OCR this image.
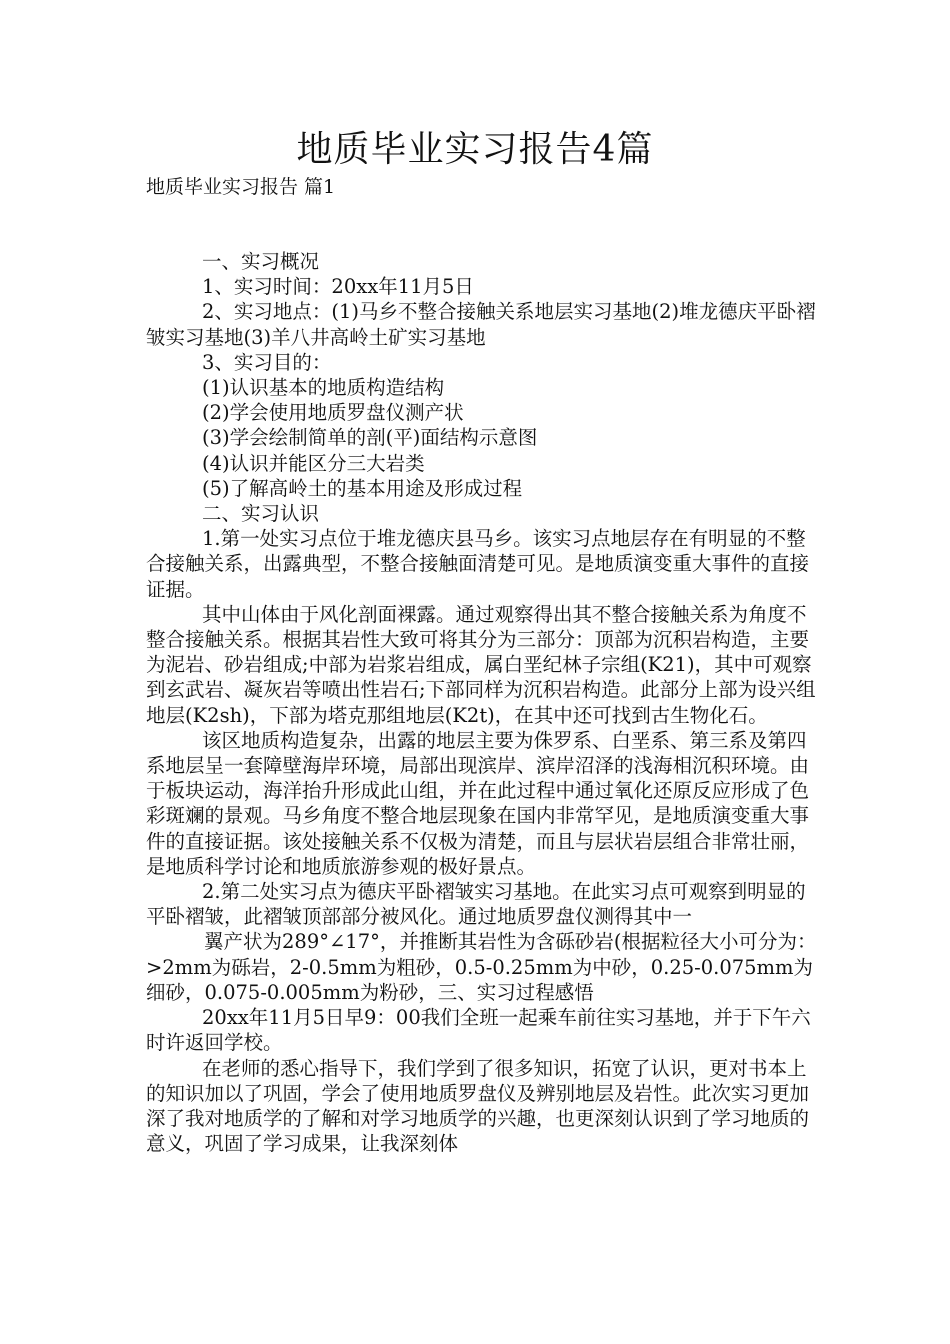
地质毕业实习报告4篇
地质毕业实习报告 篇1

一、实习概况

1、实习时间：20xx年11月5日

2、实习地点：(1)马乡不整合接触关系地层实习基地(2)堆龙德庆平卧褶皱实习基地(3)羊八井高岭土矿实习基地

3、实习目的：

(1)认识基本的地质构造结构

(2)学会使用地质罗盘仪测产状

(3)学会绘制简单的剖(平)面结构示意图

(4)认识并能区分三大岩类

(5)了解高岭土的基本用途及形成过程

二、实习认识

1.第一处实习点位于堆龙德庆县马乡。该实习点地层存在有明显的不整合接触关系，出露典型，不整合接触面清楚可见。是地质演变重大事件的直接证据。

其中山体由于风化剖面裸露。通过观察得出其不整合接触关系为角度不整合接触关系。根据其岩性大致可将其分为三部分：顶部为沉积岩构造，主要为泥岩、砂岩组成;中部为岩浆岩组成，属白垩纪林子宗组(K21)，其中可观察到玄武岩、凝灰岩等喷出性岩石;下部同样为沉积岩构造。此部分上部为设兴组地层(K2sh)，下部为塔克那组地层(K2t)，在其中还可找到古生物化石。

该区地质构造复杂，出露的地层主要为侏罗系、白垩系、第三系及第四系地层呈一套障壁海岸环境，局部出现滨岸、滨岸沼泽的浅海相沉积环境。由于板块运动，海洋抬升形成此山组，并在此过程中通过氧化还原反应形成了色彩斑斓的景观。马乡角度不整合地层现象在国内非常罕见，是地质演变重大事件的直接证据。该处接触关系不仅极为清楚，而且与层状岩层组合非常壮丽，是地质科学讨论和地质旅游参观的极好景点。

2.第二处实习点为德庆平卧褶皱实习基地。在此实习点可观察到明显的平卧褶皱，此褶皱顶部部分被风化。通过地质罗盘仪测得其中一

翼产状为289°∠17°，并推断其岩性为含砾砂岩(根据粒径大小可分为：>2mm为砾岩，2-0.5mm为粗砂，0.5-0.25mm为中砂，0.25-0.075mm为细砂，0.075-0.005mm为粉砂，三、实习过程感悟

20xx年11月5日早9：00我们全班一起乘车前往实习基地，并于下午六时许返回学校。

在老师的悉心指导下，我们学到了很多知识，拓宽了认识，更对书本上的知识加以了巩固，学会了使用地质罗盘仪及辨别地层及岩性。此次实习更加深了我对地质学的了解和对学习地质学的兴趣，也更深刻认识到了学习地质的意义，巩固了学习成果，让我深刻体
